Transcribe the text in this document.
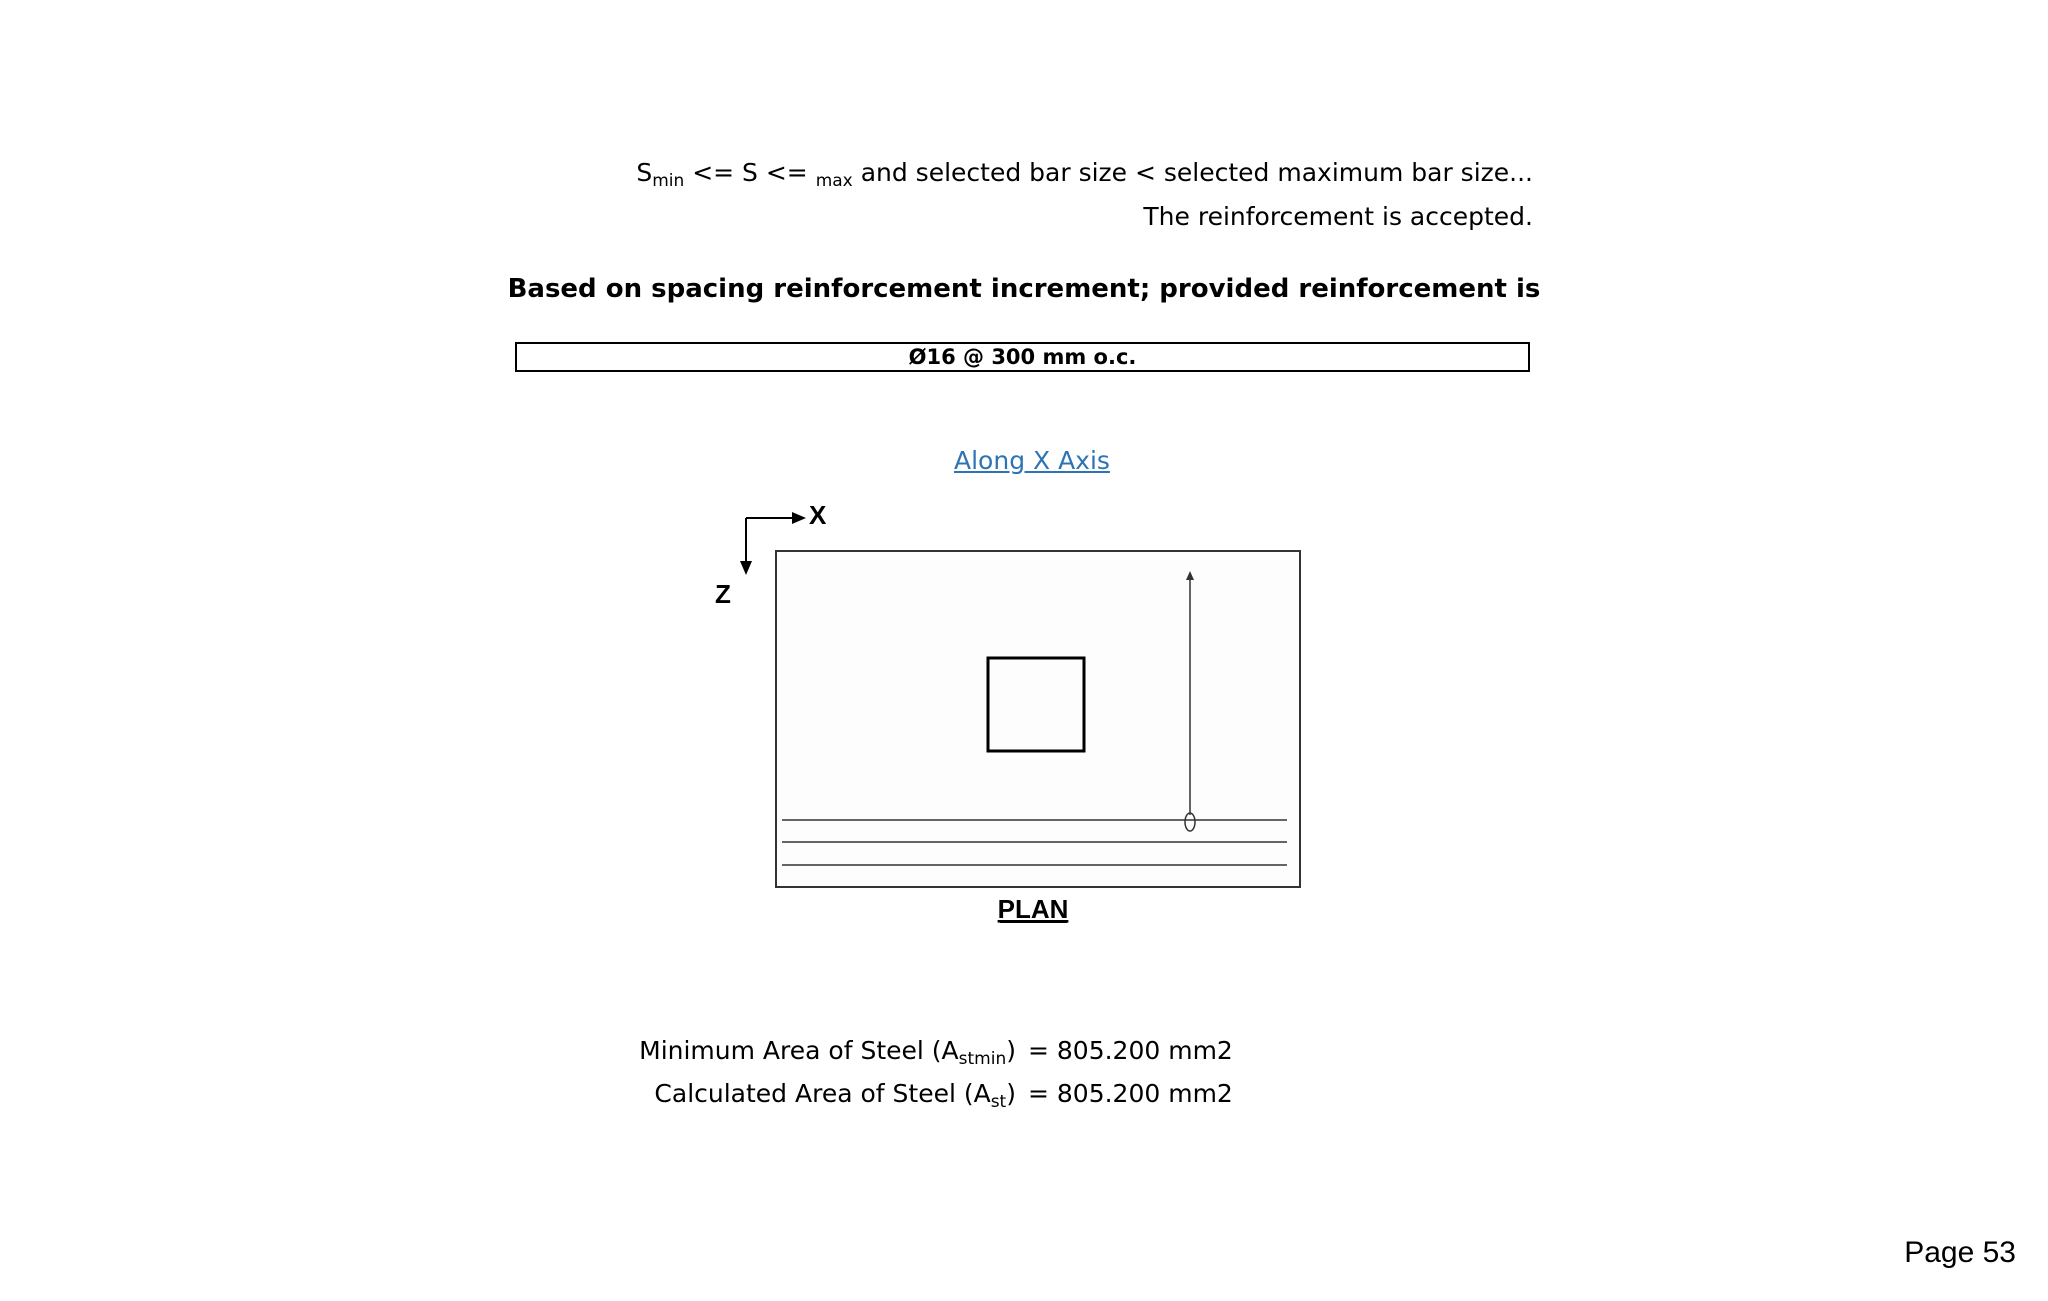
$S_{min} <= S <= _{max}$ and selected bar size < selected maximum bar size...
The reinforcement is accepted.
Based on spacing reinforcement increment; provided reinforcement is
Ø16 @ 300 mm o.c.
Along X Axis
X
Z
PLAN
Minimum Area of Steel $(A_{stmin}) = 805.200$ mm2
Calculated Area of Steel $(A_{st}) = 805.200$ mm2
Page 53
